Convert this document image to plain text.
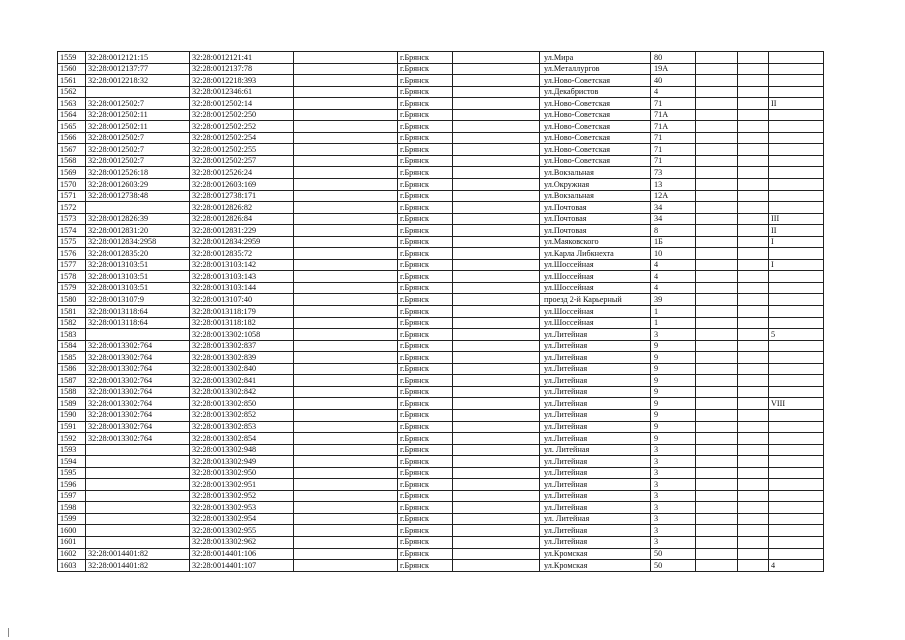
1559	32:28:0012121:15	32:28:0012121:41		г.Брянск		ул.Мира	80			
1560	32:28:0012137:77	32:28:0012137:78		г.Брянск		ул.Металлургов	19А			
1561	32:28:0012218:32	32:28:0012218:393		г.Брянск		ул.Ново-Советская	40			
1562		32:28:0012346:61		г.Брянск		ул.Декабристов	4			
1563	32:28:0012502:7	32:28:0012502:14		г.Брянск		ул.Ново-Советская	71			II
1564	32:28:0012502:11	32:28:0012502:250		г.Брянск		ул.Ново-Советская	71А			
1565	32:28:0012502:11	32:28:0012502:252		г.Брянск		ул.Ново-Советская	71А			
1566	32:28:0012502:7	32:28:0012502:254		г.Брянск		ул.Ново-Советская	71			
1567	32:28:0012502:7	32:28:0012502:255		г.Брянск		ул.Ново-Советская	71			
1568	32:28:0012502:7	32:28:0012502:257		г.Брянск		ул.Ново-Советская	71			
1569	32:28:0012526:18	32:28:0012526:24		г.Брянск		ул.Вокзальная	73			
1570	32:28:0012603:29	32:28:0012603:169		г.Брянск		ул.Окружная	13			
1571	32:28:0012738:48	32:28:0012738:171		г.Брянск		ул.Вокзальная	12А			
1572		32:28:0012826:82		г.Брянск		ул.Почтовая	34			
1573	32:28:0012826:39	32:28:0012826:84		г.Брянск		ул.Почтовая	34			III
1574	32:28:0012831:20	32:28:0012831:229		г.Брянск		ул.Почтовая	8			II
1575	32:28:0012834:2958	32:28:0012834:2959		г.Брянск		ул.Маяковского	1Б			I
1576	32:28:0012835:20	32:28:0012835:72		г.Брянск		ул.Карла Либкнехта	10			
1577	32:28:0013103:51	32:28:0013103:142		г.Брянск		ул.Шоссейная	4			I
1578	32:28:0013103:51	32:28:0013103:143		г.Брянск		ул.Шоссейная	4			
1579	32:28:0013103:51	32:28:0013103:144		г.Брянск		ул.Шоссейная	4			
1580	32:28:0013107:9	32:28:0013107:40		г.Брянск		проезд 2-й Карьерный	39			
1581	32:28:0013118:64	32:28:0013118:179		г.Брянск		ул.Шоссейная	1			
1582	32:28:0013118:64	32:28:0013118:182		г.Брянск		ул.Шоссейная	1			
1583		32:28:0013302:1058		г.Брянск		ул.Литейная	3			5
1584	32:28:0013302:764	32:28:0013302:837		г.Брянск		ул.Литейная	9			
1585	32:28:0013302:764	32:28:0013302:839		г.Брянск		ул.Литейная	9			
1586	32:28:0013302:764	32:28:0013302:840		г.Брянск		ул.Литейная	9			
1587	32:28:0013302:764	32:28:0013302:841		г.Брянск		ул.Литейная	9			
1588	32:28:0013302:764	32:28:0013302:842		г.Брянск		ул.Литейная	9			
1589	32:28:0013302:764	32:28:0013302:850		г.Брянск		ул.Литейная	9			VIII
1590	32:28:0013302:764	32:28:0013302:852		г.Брянск		ул.Литейная	9			
1591	32:28:0013302:764	32:28:0013302:853		г.Брянск		ул.Литейная	9			
1592	32:28:0013302:764	32:28:0013302:854		г.Брянск		ул.Литейная	9			
1593		32:28:0013302:948		г.Брянск		ул. Литейная	3			
1594		32:28:0013302:949		г.Брянск		ул.Литейная	3			
1595		32:28:0013302:950		г.Брянск		ул.Литейная	3			
1596		32:28:0013302:951		г.Брянск		ул.Литейная	3			
1597		32:28:0013302:952		г.Брянск		ул.Литейная	3			
1598		32:28:0013302:953		г.Брянск		ул.Литейная	3			
1599		32:28:0013302:954		г.Брянск		ул. Литейная	3			
1600		32:28:0013302:955		г.Брянск		ул.Литейная	3			
1601		32:28:0013302:962		г.Брянск		ул.Литейная	3			
1602	32:28:0014401:82	32:28:0014401:106		г.Брянск		ул.Кромская	50			
1603	32:28:0014401:82	32:28:0014401:107		г.Брянск		ул.Кромская	50			4
